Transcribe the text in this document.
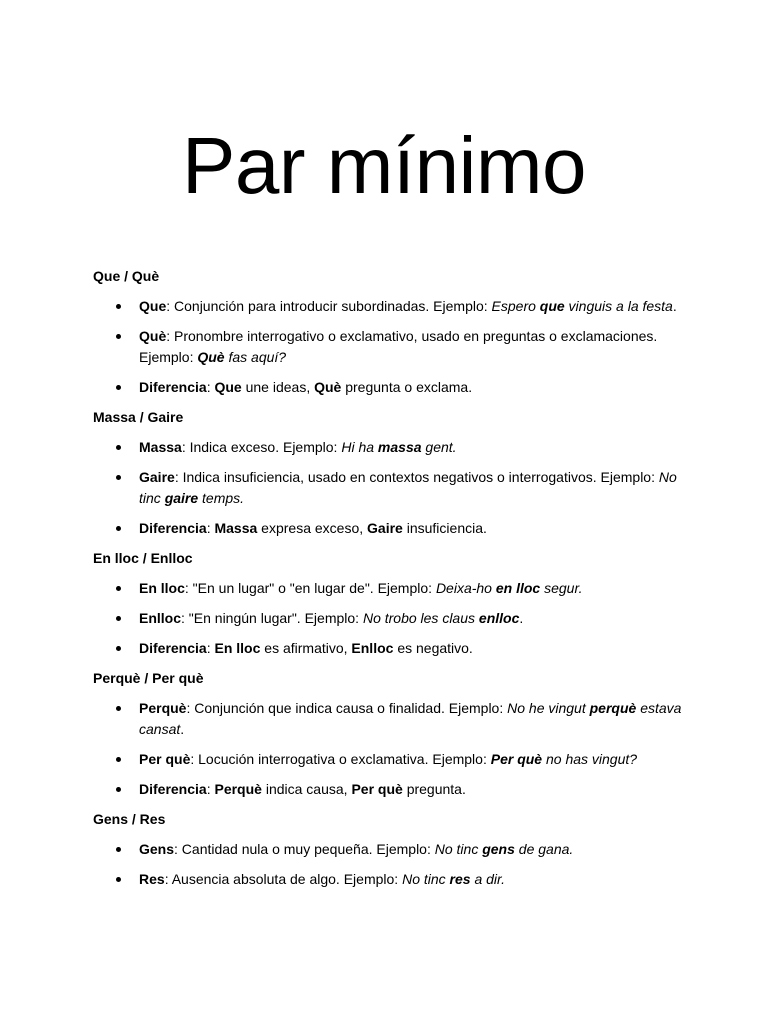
Par mínimo

Que / Què

Que: Conjunción para introducir subordinadas. Ejemplo: Espero que vinguis a la festa.
Què: Pronombre interrogativo o exclamativo, usado en preguntas o exclamaciones. Ejemplo: Què fas aquí?
Diferencia: Que une ideas, Què pregunta o exclama.

Massa / Gaire

Massa: Indica exceso. Ejemplo: Hi ha massa gent.
Gaire: Indica insuficiencia, usado en contextos negativos o interrogativos. Ejemplo: No tinc gaire temps.
Diferencia: Massa expresa exceso, Gaire insuficiencia.

En lloc / Enlloc

En lloc: "En un lugar" o "en lugar de". Ejemplo: Deixa-ho en lloc segur.
Enlloc: "En ningún lugar". Ejemplo: No trobo les claus enlloc.
Diferencia: En lloc es afirmativo, Enlloc es negativo.

Perquè / Per què

Perquè: Conjunción que indica causa o finalidad. Ejemplo: No he vingut perquè estava cansat.
Per què: Locución interrogativa o exclamativa. Ejemplo: Per què no has vingut?
Diferencia: Perquè indica causa, Per què pregunta.

Gens / Res

Gens: Cantidad nula o muy pequeña. Ejemplo: No tinc gens de gana.
Res: Ausencia absoluta de algo. Ejemplo: No tinc res a dir.
